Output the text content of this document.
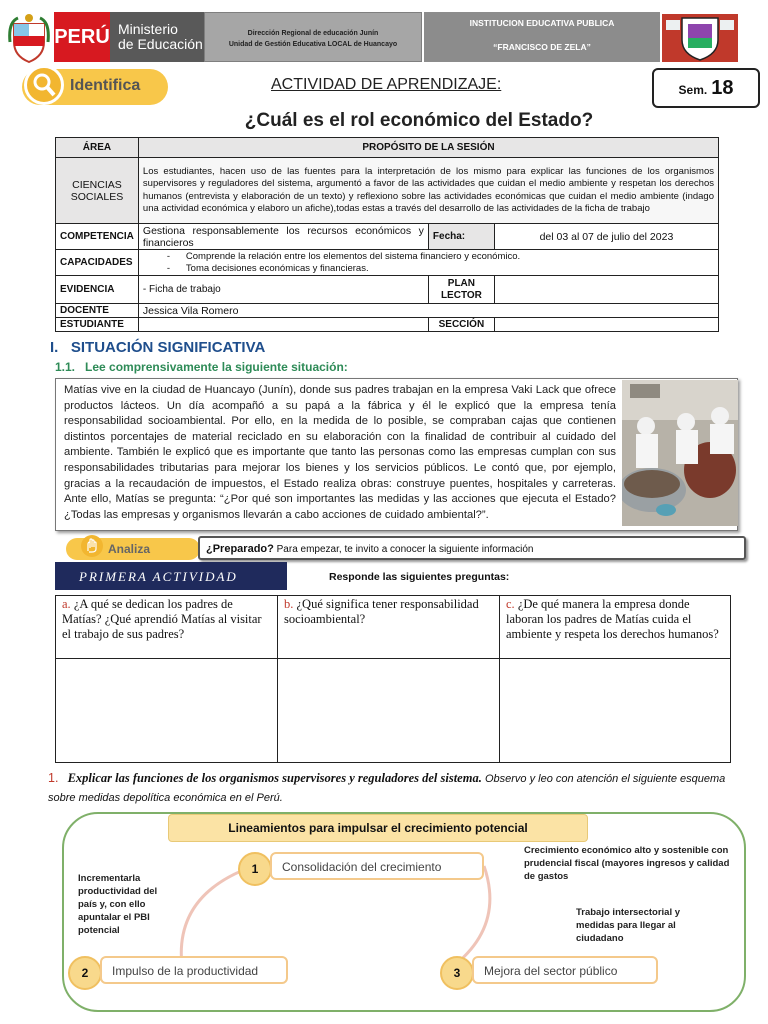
PERÚ Ministerio
de Educación
Dirección Regional de educación Junín
Unidad de Gestión Educativa LOCAL de Huancayo
INSTITUCION EDUCATIVA PUBLICA
“FRANCISCO DE ZELA”
Identifica	ACTIVIDAD DE APRENDIZAJE:	Sem. 18
¿Cuál es el rol económico del Estado?
ÁREA	PROPÓSITO DE LA SESIÓN		
CIENCIAS SOCIALES	Los estudiantes, hacen uso de las fuentes para la interpretación de los mismo para explicar las funciones de los organismos supervisores y reguladores del sistema, argumentó a favor de las actividades que cuidan el medio ambiente y respetan los derechos humanos (entrevista y elaboración de un texto) y reflexiono sobre las actividades económicas que cuidan el medio ambiente (indago una actividad económica y elaboro un afiche),todas estas a través del desarrollo de las actividades de la ficha de trabajo		
COMPETENCIA	Gestiona responsablemente los recursos económicos y financieros	Fecha:	del 03 al 07 de julio del 2023
CAPACIDADES	-      Comprende la relación entre los elementos del sistema financiero y económico.
-      Toma decisiones económicas y financieras.		

EVIDENCIA	- Ficha de trabajo	PLAN LECTOR	
DOCENTE	Jessica Vila Romero		
ESTUDIANTE		SECCIÓN	
I. SITUACIÓN SIGNIFICATIVA
1.1. Lee comprensivamente la siguiente situación:
Matías vive en la ciudad de Huancayo (Junín), donde sus padres trabajan en la empresa Vaki Lack que ofrece productos lácteos. Un día acompañó a su papá a la fábrica y él le explicó que la empresa tenía responsabilidad socioambiental. Por ello, en la medida de lo posible, se compraban cajas que contienen distintos porcentajes de material reciclado en su elaboración con la finalidad de contribuir al cuidado del ambiente. También le explicó que es importante que tanto las personas como las empresas cumplan con sus responsabilidades tributarias para mejorar los bienes y los servicios públicos. Le contó que, por ejemplo, gracias a la recaudación de impuestos, el Estado realiza obras: construye puentes, hospitales y carreteras. Ante ello, Matías se pregunta: “¿Por qué son importantes las medidas y las acciones que ejecuta el Estado? ¿Todas las empresas y organismos llevarán a cabo acciones de cuidado ambiental?”.
Analiza	¿Preparado? Para empezar, te invito a conocer la siguiente información
PRIMERA ACTIVIDAD	Responde las siguientes preguntas:
a. ¿A qué se dedican los padres de Matías? ¿Qué aprendió Matías al visitar el trabajo de sus padres?	b. ¿Qué significa tener responsabilidad socioambiental?	c. ¿De qué manera la empresa donde laboran los padres de Matías cuida el ambiente y respeta los derechos humanos?

1. Explicar las funciones de los organismos supervisores y reguladores del sistema. Observo y leo con atención el siguiente esquema sobre medidas depolítica económica en el Perú.
Lineamientos para impulsar el crecimiento potencial
1	Consolidación del crecimiento
2	Impulso de la productividad	3	Mejora del sector público
Incrementarla productividad del país y, con ello apuntalar el PBI potencial
Crecimiento económico alto y sostenible con prudencial fiscal (mayores ingresos y calidad de gastos
Trabajo intersectorial y medidas para llegar al ciudadano
